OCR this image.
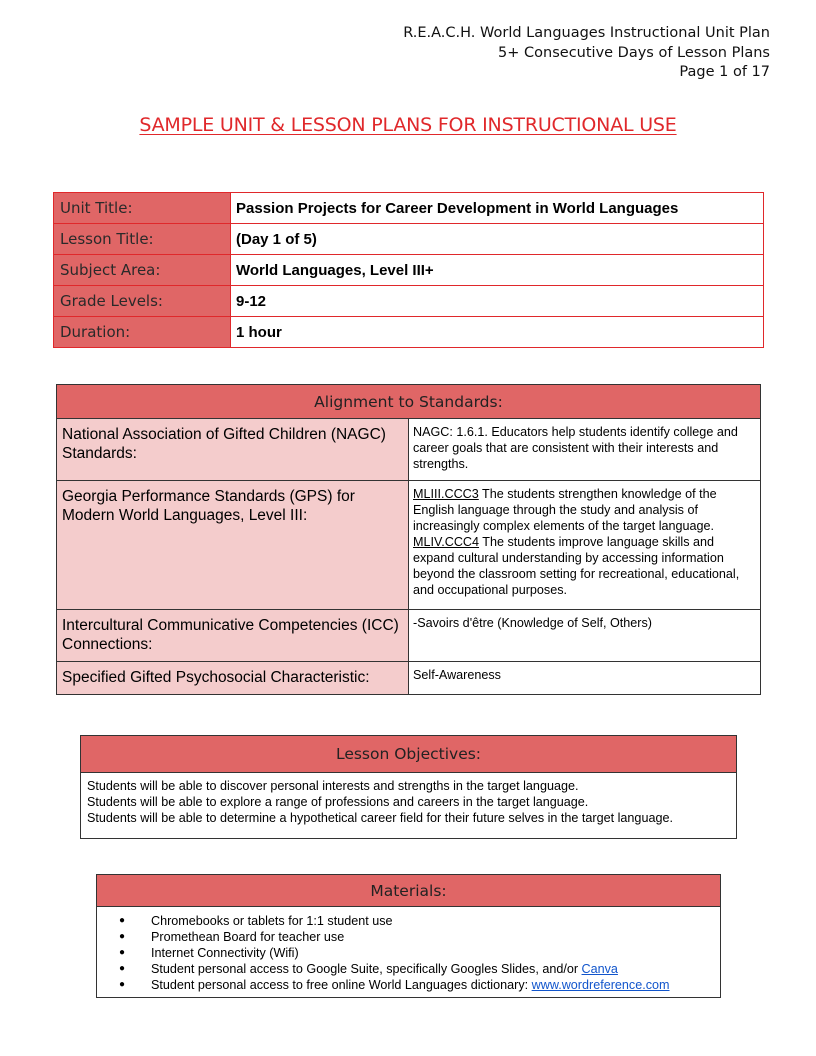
R.E.A.C.H. World Languages Instructional Unit Plan
5+ Consecutive Days of Lesson Plans
Page 1 of 17
SAMPLE UNIT & LESSON PLANS FOR INSTRUCTIONAL USE
Unit Title:	Passion Projects for Career Development in World Languages
Lesson Title:	(Day 1 of 5)
Subject Area:	World Languages, Level III+
Grade Levels:	9-12
Duration:	1 hour
Alignment to Standards:	
National Association of Gifted Children (NAGC) Standards:	NAGC: 1.6.1. Educators help students identify college and career goals that are consistent with their interests and strengths.
Georgia Performance Standards (GPS) for Modern World Languages, Level III:	MLIII.CCC3 The students strengthen knowledge of the English language through the study and analysis of increasingly complex elements of the target language.
MLIV.CCC4 The students improve language skills and expand cultural understanding by accessing information beyond the classroom setting for recreational, educational, and occupational purposes.
Intercultural Communicative Competencies (ICC) Connections:	-Savoirs d'être (Knowledge of Self, Others)
Specified Gifted Psychosocial Characteristic:	Self-Awareness
Lesson Objectives:

Students will be able to discover personal interests and strengths in the target language.
Students will be able to explore a range of professions and careers in the target language.
Students will be able to determine a hypothetical career field for their future selves in the target language.
Materials:

● Chromebooks or tablets for 1:1 student use
● Promethean Board for teacher use
● Internet Connectivity (Wifi)
● Student personal access to Google Suite, specifically Googles Slides, and/or Canva
● Student personal access to free online World Languages dictionary: www.wordreference.com
